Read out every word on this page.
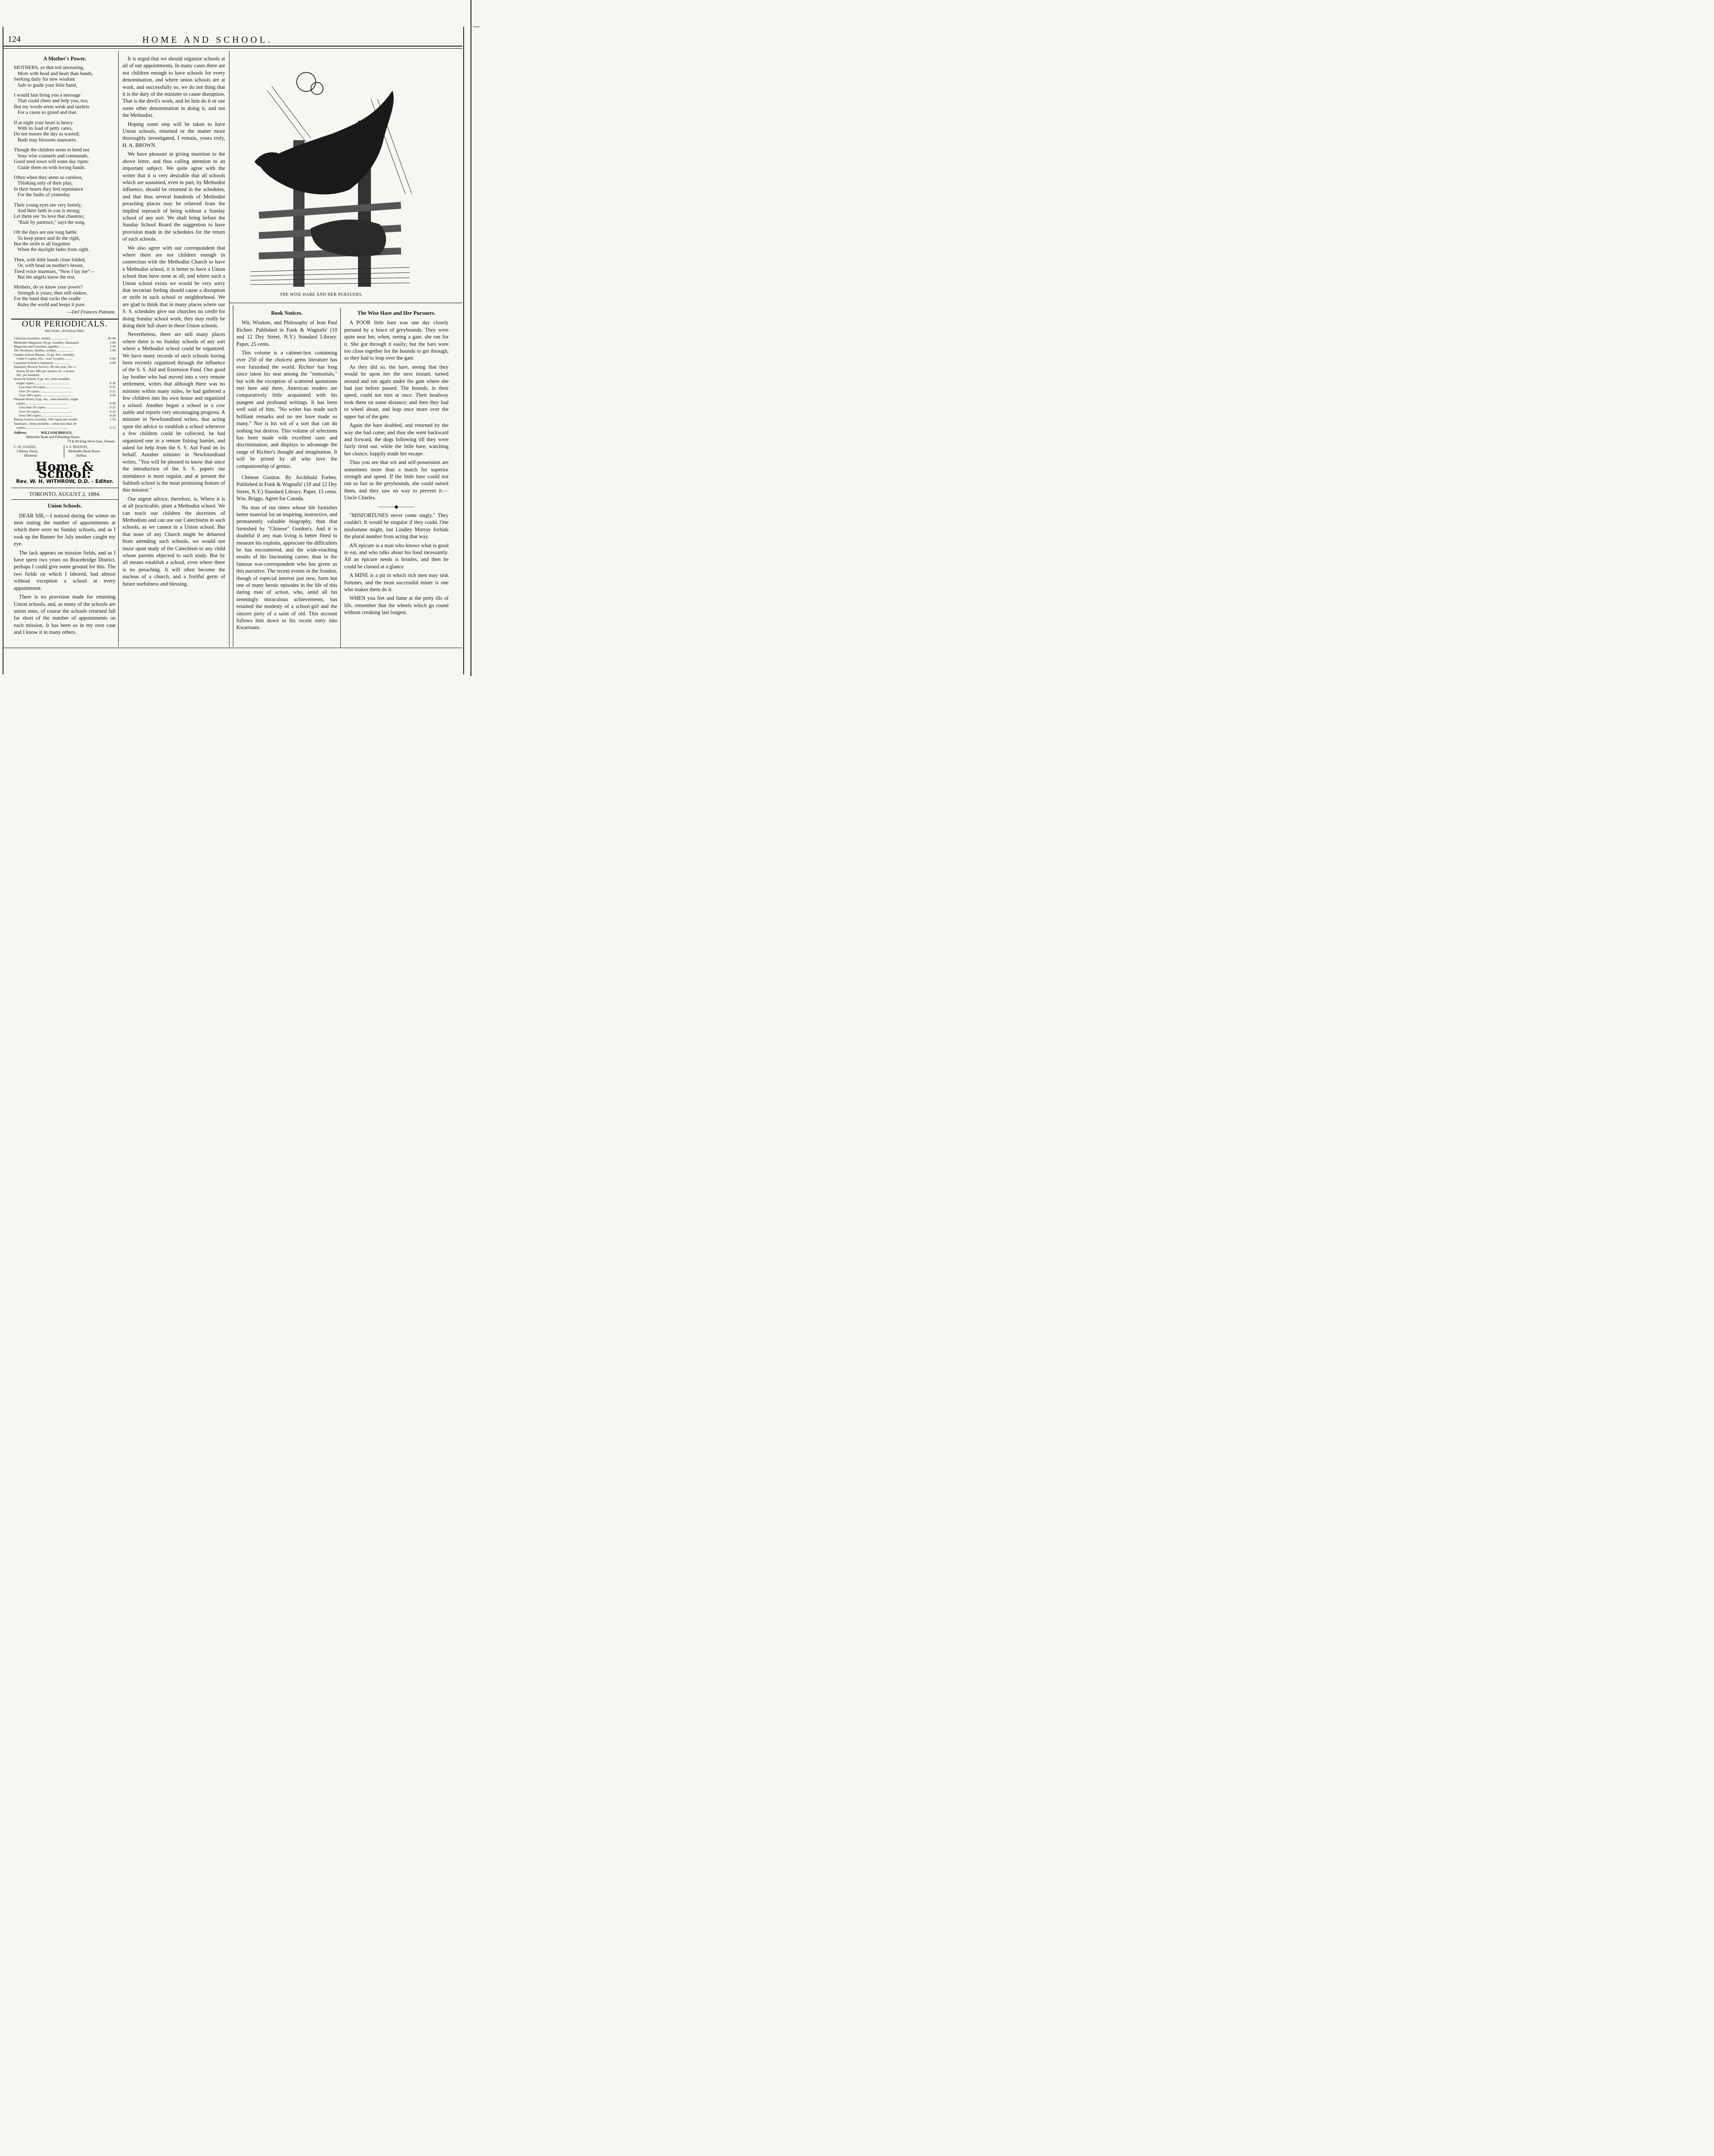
124	HOME AND SCHOOL.
A Mother's Power.
MOTHERS, ye that toil unceasing,
More with head and heart than hands,
Seeking daily for new wisdom
Safe to guide your little band,
I would fain bring you a message
That could cheer and help you, too;
But my words seem weak and useless
For a cause so grand and true.
If at night your heart is heavy
With its load of petty cares,
Do not mourn the day as wasted;
Buds may blossom unawares.
Though the children seem to heed not
Your wise counsels and commands,
Good seed sown will some day ripen:
Guide them on with loving hands.
Often when they seem so careless,
Thinking only of their play,
In their hearts they feel repentance
For the faults of yesterday.
Their young eyes see very keenly,
And their faith in you is strong;
Let them see 'tis love that chastens;
"Rule by patience," says the song.
Oft the days are one long battle
To keep peace and do the right,
But the strife is all forgotten
When the daylight fades from sight.
Then, with little hands close folded,
Or, with head on mother's breast,
Tired voice murmurs, "Now I lay me"—
But the angels know the rest.
Mothers, do ye know your power?
Strength is yours; then still endure,
For the hand that rocks the cradle
Rules the world and keeps it pure.
—Del Frances Putnam.
OUR PERIODICALS.
PER YEAR—POSTAGE FREE.
Christian Guardian, weekly ....................	$2 00
Methodist Magazine, 96 pp. monthly, illustrated	2 00
Magazine and Guardian, together ..............	3 50
The Wesleyan, Halifax, weekly.....................	2 00
Sunday-School Banner, 32 pp. 8vo., monthly
Under 6 copies, 65c.; over 6 copies..........	0 60
Canadian Scholar's Quarterly.....................	0 08
Quarterly Review Service. By the year, 24c. a
dozen; $2 per 100; per quarter, 6c. a dozen;
50c. per hundred.
Home & School, 8 pp. 4to, semi-monthly,
single copies..........................................	0 30
Less than 20 copies .............................	0 25
Over 20 copies.......................................	0 22
Over 500 copies.....................................	0 20
Pleasant Hours, 8 pp. 4to., semi-monthly, single
copies..................................................	0 30
Less than 20 copies ............................	0 25
Over 20 copies.......................................	0 22
Over 500 copies.....................................	0 20
Berean Leaves, monthly, 100 copies per month.	5 50
Sunbeam—Semi-monthly—when less than 20
copies..................................................	0 15
Address:	WILLIAM BRIGGS,
Methodist Book and Publishing House,
78 & 80 King Street East, Toronto.
C. W. COATES,
3 Bleury Street,
Montreal.
S. F. HUESTIS,
Methodist Book Room
Halifax.
Home & School:
Rev. W. H. WITHROW, D.D. - Editor.
TORONTO, AUGUST 2, 1884.
Union Schools.

DEAR SIR,—I noticed during the winter an item stating the number of appointments at which there were no Sunday schools, and as I took up the Banner for July another caught my eye.

The lack appears on mission fields, and as I have spent two years on Bracebridge District, perhaps I could give some ground for this. The two fields on which I labored, had almost without exception a school at every appointment.

There is no provision made for returning Union schools, and, as many of the schools are union ones, of course the schools returned fall far short of the number of appointments on each mission. It has been so in my own case and I know it in many others.

It is urged that we should organize schools at all of our appointments. In many cases there are not children enough to have schools for every denomination, and where union schools are at work, and successfully so, we do not thing that it is the duty of the minister to cause disruption. That is the devil's work, and let him do it or use some other denomination in doing it, and not the Methodist.

Hoping some step will be taken to have Union schools, returned or the matter more thoroughly investigated, I remain, yours truly, H. A. BROWN.

We have pleasure in giving insertion to the above letter, and thus calling attention to an important subject. We quite agree with the writer that it is very desirable that all schools which are sustained, even in part, by Methodist influence, should be returned in the schedules, and that thus several hundreds of Methodist preaching places may be relieved from the implied reproach of being without a Sunday school of any sort. We shall bring before the Sunday School Board the suggestion to have provision made in the schedules for the return of such schools.

We also agree with our correspondent that where there are not children enough in connection with the Methodist Church to have a Methodist school, it is better to have a Union school than have none at all; and where such a Union school exists we would be very sorry that sectarian feeling should cause a disruption or strife in such school or neighborhood. We are glad to think that in many places where our S. S. schedules give our churches no credit for doing Sunday school work, they may really be doing their full share in these Union schools.

Nevertheless, there are still many places where there is no Sunday schools of any sort where a Methodist school could be organized. We have many records of such schools having been recently organized through the influence of the S. S. Aid and Extension Fund. One good lay brother who had moved into a very remote settlement, writes that although there was no minister within many miles, he had gathered a few children into his own house and organized a school. Another began a school in a cow stable and reports very encouraging progress. A minister in Newfoundland writes, that acting upon the advice to establish a school wherever a few children could be collected, he had organized one in a remote fishing hamlet, and asked for help from the S. S. Aid Fund on its behalf. Another minister in Newfoundland writes, "You will be pleased to know that since the introduction of the S. S. papers our attendance is most regular, and at present the Sabbath school is the most promising feature of this mission."

Our urgent advice, therefore, is, Where it is at all practicable, plant a Methodist school. We can teach our children the doctrines of Methodism and can use our Catechisms in such schools, as we cannot in a Union school. But that none of any Church might be debarred from attending such schools, we would not insist upon study of the Catechism to any child whose parents objected to such study. But by all means establish a school, even where there is no preaching. It will often become the nucleus of a church, and a fruitful germ of future usefulness and blessing.

THE WISE HARE AND HER PURSUERS.
Book Notices.

Wit, Wisdom, and Philosophy of Jean Paul Richter. Published in Funk & Wagnalls' (10 and 12 Dey Street, N.Y.) Standard Library. Paper, 25 cents.

This volume is a cabinet-box containing over 250 of the choicest gems literature has ever furnished the world. Richter has long since taken his seat among the "immortals," but with the exception of scattered quotations met here and there, American readers are comparatively little acquainted with his pungent and profound writings. It has been well said of him, "No writer has made such brilliant remarks and no ten have made so many." Nor is his wit of a sort that can do nothing but destroy. This volume of selections has been made with excellent taste and discrimination, and displays to advantage the range of Richter's thought and imagination. It will be prized by all who love the companionship of genius.

Chinese Gordon. By Archibald Forbes. Published in Funk & Wagnalls' (10 and 12 Dey Street, N.Y.) Standard Library. Paper, 15 cents. Wm. Briggs, Agent for Canada.

No man of our times whose life furnishes better material for an inspiring, instructive, and permanently valuable biography, than that furnished by "Chinese" Gordon's. And it is doubtful if any man living is better fitted to measure his exploits, appreciate the difficulties he has encountered, and the wide-reaching results of his fascinating career, than in the famous war-correspondent who has given us this narrative. The recent events in the Soudon, though of especial interest just now, form but one of many heroic episodes in the life of this daring man of action, who, amid all his seemingly miraculous achievements, has retained the modesty of a school-girl and the sincere piety of a saint of old. This account follows him down to his recent entry into Kwartoum.

The Wise Hare and Her Pursuers.

A POOR little hare was one day closely pursued by a brace of greyhounds. They were quite near her, when, seeing a gate, she ran for it. She got through it easily; but the bars were too close together for the hounds to get through, so they had to leap over the gate.

As they did so, the hare, seeing that they would be upon her the next instant, turned around and ran again under the gate where she had just before passed. The hounds, in their speed, could not turn at once. Their headway took them on some distance; and then they had to wheel about, and leap once more over the upper bar of the gate.

Again the hare doubled, and returned by the way she had come; and thus she went backward and forward, the dogs following till they were fairly tired out, while the little hare, watching her chance, happily made her escape.

Thus you see that wit and self-possession are sometimes more than a match for superior strength and speed. If the little hare could not run so fast as the greyhounds, she could outwit them, and they saw no way to prevent it.—Uncle Charles.

―――◆―――

"MISFORTUNES never come singly." They couldn't. It would be singular if they could. One misfortune might, but Lindley Murray forbids the plural number from acting that way.

AN epicure is a man who knows what is good to eat, and who talks about his food incessantly. All an epicure needs is bristles, and then he could be classed at a glance.

A MINE is a pit in which rich men may sink fortunes, and the most successful miner is one who makes them do it.

WHEN you fret and fume at the petty ills of life, remember that the wheels which go round without creaking last longest.
